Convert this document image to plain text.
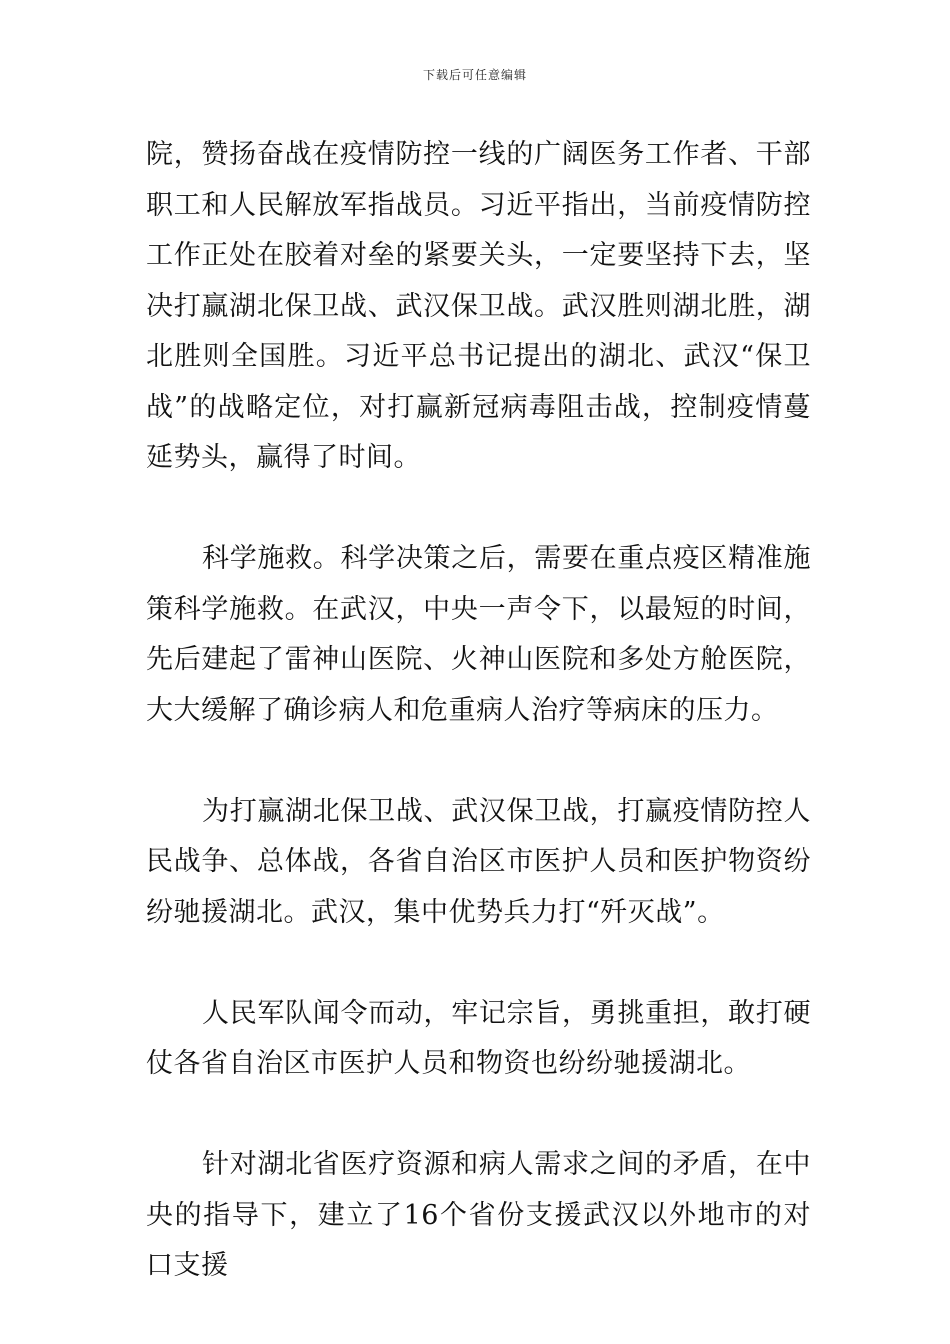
下载后可任意编辑

院，赞扬奋战在疫情防控一线的广阔医务工作者、干部职工和人民解放军指战员。习近平指出，当前疫情防控工作正处在胶着对垒的紧要关头，一定要坚持下去，坚决打赢湖北保卫战、武汉保卫战。武汉胜则湖北胜，湖北胜则全国胜。习近平总书记提出的湖北、武汉“保卫战”的战略定位，对打赢新冠病毒阻击战，控制疫情蔓延势头，赢得了时间。

科学施救。科学决策之后，需要在重点疫区精准施策科学施救。在武汉，中央一声令下，以最短的时间，先后建起了雷神山医院、火神山医院和多处方舱医院，大大缓解了确诊病人和危重病人治疗等病床的压力。

为打赢湖北保卫战、武汉保卫战，打赢疫情防控人民战争、总体战，各省自治区市医护人员和医护物资纷纷驰援湖北。武汉，集中优势兵力打“歼灭战”。

人民军队闻令而动，牢记宗旨，勇挑重担，敢打硬仗各省自治区市医护人员和物资也纷纷驰援湖北。

针对湖北省医疗资源和病人需求之间的矛盾，在中央的指导下，建立了16个省份支援武汉以外地市的对口支援
